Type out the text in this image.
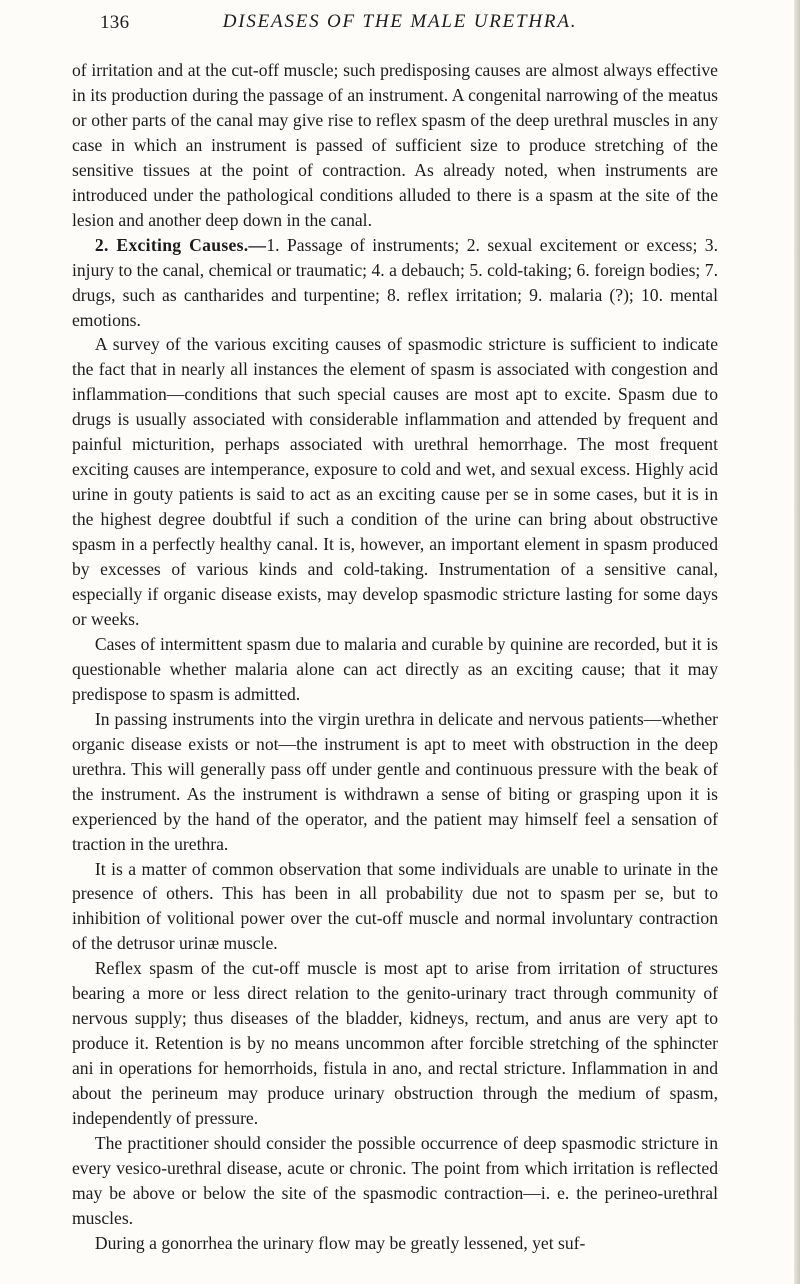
136	DISEASES OF THE MALE URETHRA.

of irritation and at the cut-off muscle; such predisposing causes are almost always effective in its production during the passage of an instrument. A congenital narrowing of the meatus or other parts of the canal may give rise to reflex spasm of the deep urethral muscles in any case in which an instrument is passed of sufficient size to produce stretching of the sensitive tissues at the point of contraction. As already noted, when instruments are introduced under the pathological conditions alluded to there is a spasm at the site of the lesion and another deep down in the canal.

2. Exciting Causes.—1. Passage of instruments; 2. sexual excitement or excess; 3. injury to the canal, chemical or traumatic; 4. a debauch; 5. cold-taking; 6. foreign bodies; 7. drugs, such as cantharides and turpentine; 8. reflex irritation; 9. malaria (?); 10. mental emotions.

A survey of the various exciting causes of spasmodic stricture is sufficient to indicate the fact that in nearly all instances the element of spasm is associated with congestion and inflammation—conditions that such special causes are most apt to excite. Spasm due to drugs is usually associated with considerable inflammation and attended by frequent and painful micturition, perhaps associated with urethral hemorrhage. The most frequent exciting causes are intemperance, exposure to cold and wet, and sexual excess. Highly acid urine in gouty patients is said to act as an exciting cause per se in some cases, but it is in the highest degree doubtful if such a condition of the urine can bring about obstructive spasm in a perfectly healthy canal. It is, however, an important element in spasm produced by excesses of various kinds and cold-taking. Instrumentation of a sensitive canal, especially if organic disease exists, may develop spasmodic stricture lasting for some days or weeks.

Cases of intermittent spasm due to malaria and curable by quinine are recorded, but it is questionable whether malaria alone can act directly as an exciting cause; that it may predispose to spasm is admitted.

In passing instruments into the virgin urethra in delicate and nervous patients—whether organic disease exists or not—the instrument is apt to meet with obstruction in the deep urethra. This will generally pass off under gentle and continuous pressure with the beak of the instrument. As the instrument is withdrawn a sense of biting or grasping upon it is experienced by the hand of the operator, and the patient may himself feel a sensation of traction in the urethra.

It is a matter of common observation that some individuals are unable to urinate in the presence of others. This has been in all probability due not to spasm per se, but to inhibition of volitional power over the cut-off muscle and normal involuntary contraction of the detrusor urinæ muscle.

Reflex spasm of the cut-off muscle is most apt to arise from irritation of structures bearing a more or less direct relation to the genito-urinary tract through community of nervous supply; thus diseases of the bladder, kidneys, rectum, and anus are very apt to produce it. Retention is by no means uncommon after forcible stretching of the sphincter ani in operations for hemorrhoids, fistula in ano, and rectal stricture. Inflammation in and about the perineum may produce urinary obstruction through the medium of spasm, independently of pressure.

The practitioner should consider the possible occurrence of deep spasmodic stricture in every vesico-urethral disease, acute or chronic. The point from which irritation is reflected may be above or below the site of the spasmodic contraction—i. e. the perineo-urethral muscles.

During a gonorrhea the urinary flow may be greatly lessened, yet suf-
